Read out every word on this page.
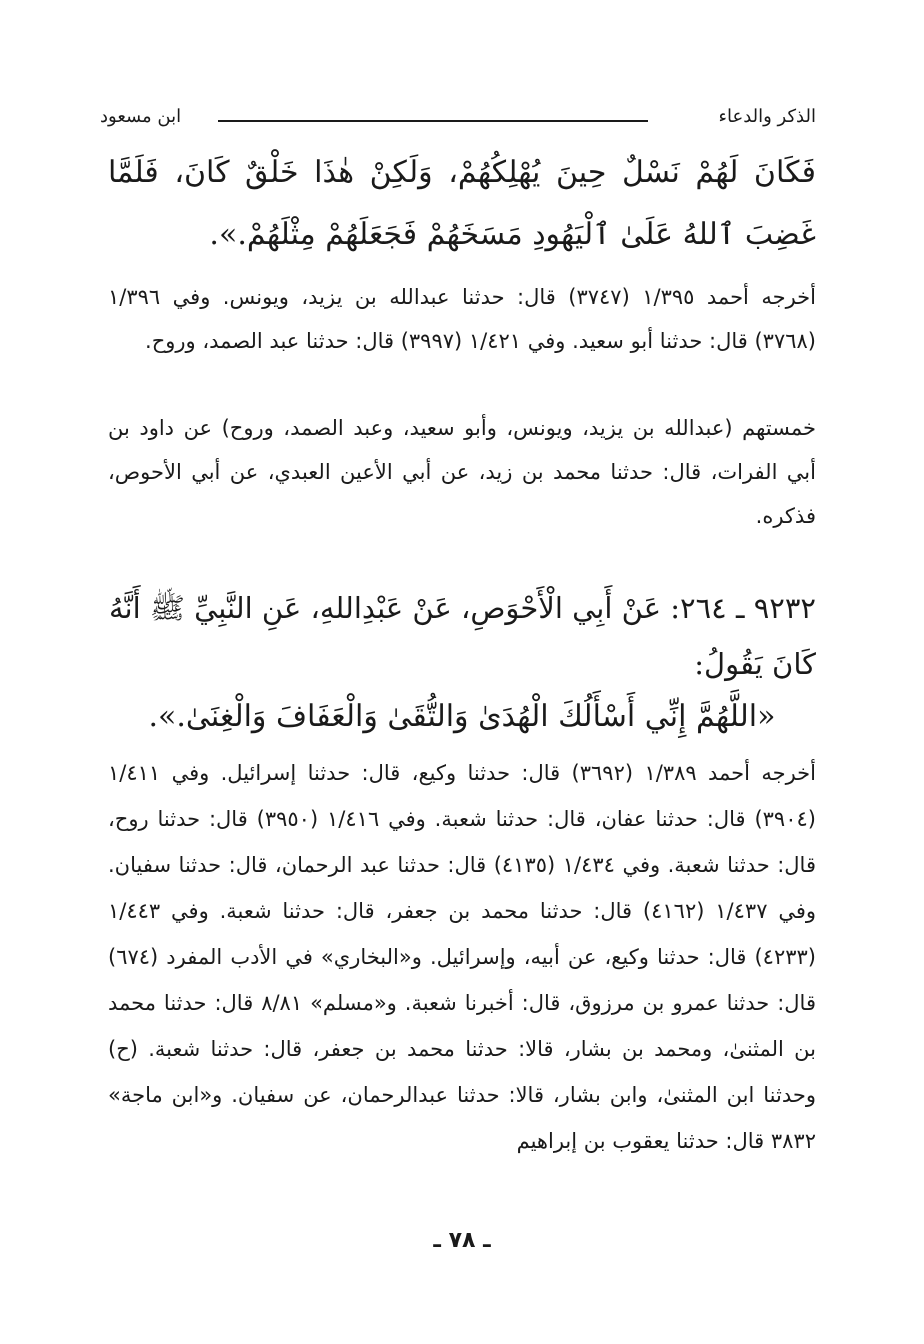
الذكر والدعاء
ابن مسعود

فَكَانَ لَهُمْ نَسْلٌ حِينَ يُهْلِكُهُمْ، وَلَكِنْ هٰذَا خَلْقٌ كَانَ، فَلَمَّا غَضِبَ ٱللهُ عَلَىٰ ٱلْيَهُودِ مَسَخَهُمْ فَجَعَلَهُمْ مِثْلَهُمْ.».

أخرجه أحمد ١/٣٩٥ (٣٧٤٧) قال: حدثنا عبدالله بن يزيد، ويونس. وفي ١/٣٩٦ (٣٧٦٨) قال: حدثنا أبو سعيد. وفي ١/٤٢١ (٣٩٩٧) قال: حدثنا عبد الصمد، وروح.

خمستهم (عبدالله بن يزيد، ويونس، وأبو سعيد، وعبد الصمد، وروح) عن داود بن أبي الفرات، قال: حدثنا محمد بن زيد، عن أبي الأعين العبدي، عن أبي الأحوص، فذكره.

٩٢٣٢ ـ ٢٦٤: عَنْ أَبِي الْأَحْوَصِ، عَنْ عَبْدِاللهِ، عَنِ النَّبِيِّ ﷺ أَنَّهُ كَانَ يَقُولُ:

«اللَّهُمَّ إِنِّي أَسْأَلُكَ الْهُدَىٰ وَالتُّقَىٰ وَالْعَفَافَ وَالْغِنَىٰ.».

أخرجه أحمد ١/٣٨٩ (٣٦٩٢) قال: حدثنا وكيع، قال: حدثنا إسرائيل. وفي ١/٤١١ (٣٩٠٤) قال: حدثنا عفان، قال: حدثنا شعبة. وفي ١/٤١٦ (٣٩٥٠) قال: حدثنا روح، قال: حدثنا شعبة. وفي ١/٤٣٤ (٤١٣٥) قال: حدثنا عبد الرحمان، قال: حدثنا سفيان. وفي ١/٤٣٧ (٤١٦٢) قال: حدثنا محمد بن جعفر، قال: حدثنا شعبة. وفي ١/٤٤٣ (٤٢٣٣) قال: حدثنا وكيع، عن أبيه، وإسرائيل. و«البخاري» في الأدب المفرد (٦٧٤) قال: حدثنا عمرو بن مرزوق، قال: أخبرنا شعبة. و«مسلم» ٨/٨١ قال: حدثنا محمد بن المثنىٰ، ومحمد بن بشار، قالا: حدثنا محمد بن جعفر، قال: حدثنا شعبة. (ح) وحدثنا ابن المثنىٰ، وابن بشار، قالا: حدثنا عبدالرحمان، عن سفيان. و«ابن ماجة» ٣٨٣٢ قال: حدثنا يعقوب بن إبراهيم

ـ ٧٨ ـ
